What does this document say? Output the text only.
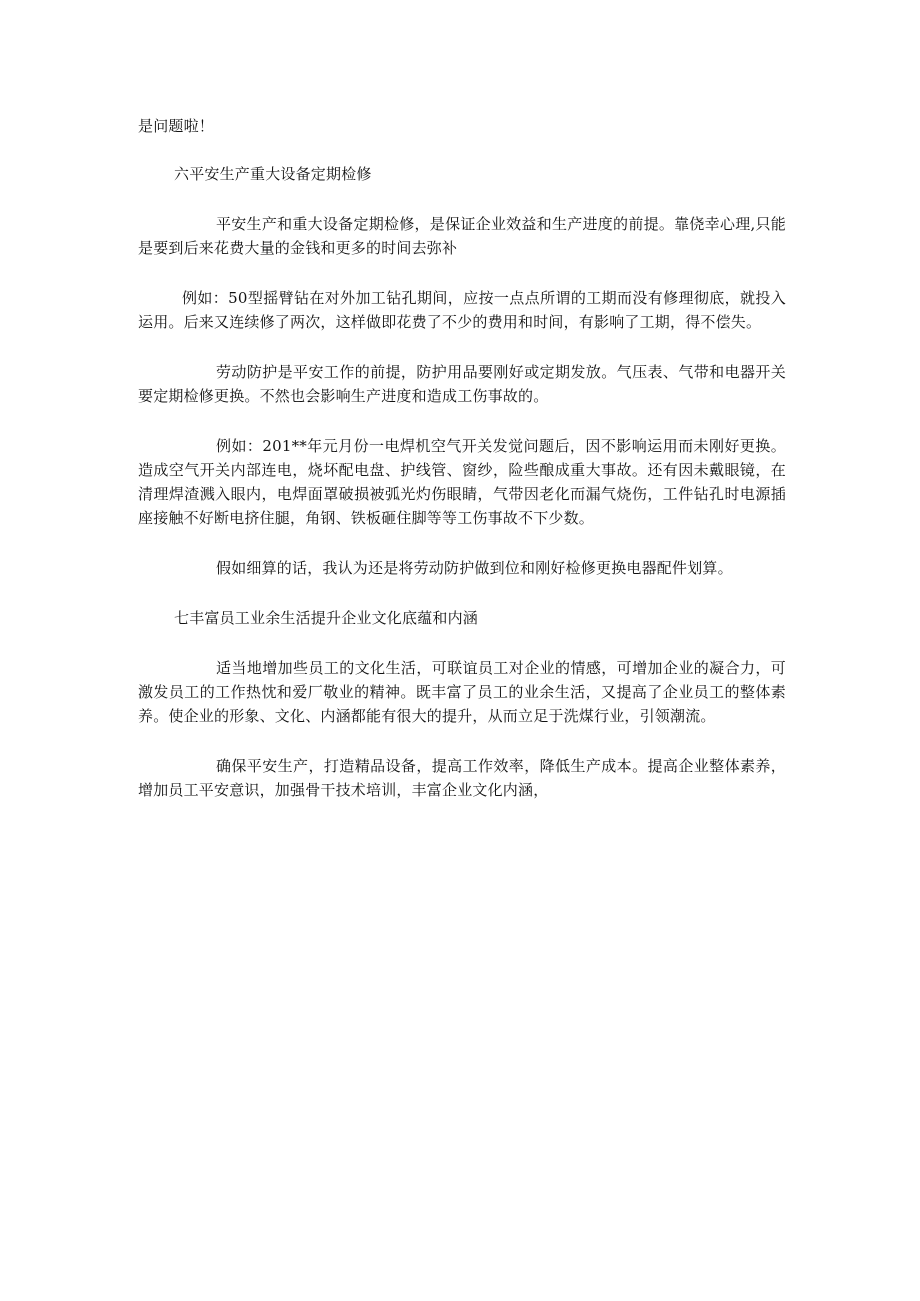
是问题啦！

六平安生产重大设备定期检修

平安生产和重大设备定期检修，是保证企业效益和生产进度的前提。靠侥幸心理,只能是要到后来花费大量的金钱和更多的时间去弥补

例如：50型摇臂钻在对外加工钻孔期间，应按一点点所谓的工期而没有修理彻底，就投入运用。后来又连续修了两次，这样做即花费了不少的费用和时间，有影响了工期，得不偿失。

劳动防护是平安工作的前提，防护用品要刚好或定期发放。气压表、气带和电器开关要定期检修更换。不然也会影响生产进度和造成工伤事故的。

例如：201**年元月份一电焊机空气开关发觉问题后，因不影响运用而未刚好更换。造成空气开关内部连电，烧坏配电盘、护线管、窗纱，险些酿成重大事故。还有因未戴眼镜，在清理焊渣溅入眼内，电焊面罩破损被弧光灼伤眼睛，气带因老化而漏气烧伤，工件钻孔时电源插座接触不好断电挤住腿，角钢、铁板砸住脚等等工伤事故不下少数。

假如细算的话，我认为还是将劳动防护做到位和刚好检修更换电器配件划算。

七丰富员工业余生活提升企业文化底蕴和内涵

适当地增加些员工的文化生活，可联谊员工对企业的情感，可增加企业的凝合力，可激发员工的工作热忱和爱厂敬业的精神。既丰富了员工的业余生活，又提高了企业员工的整体素养。使企业的形象、文化、内涵都能有很大的提升，从而立足于洗煤行业，引领潮流。

确保平安生产，打造精品设备，提高工作效率，降低生产成本。提高企业整体素养，增加员工平安意识，加强骨干技术培训，丰富企业文化内涵，
